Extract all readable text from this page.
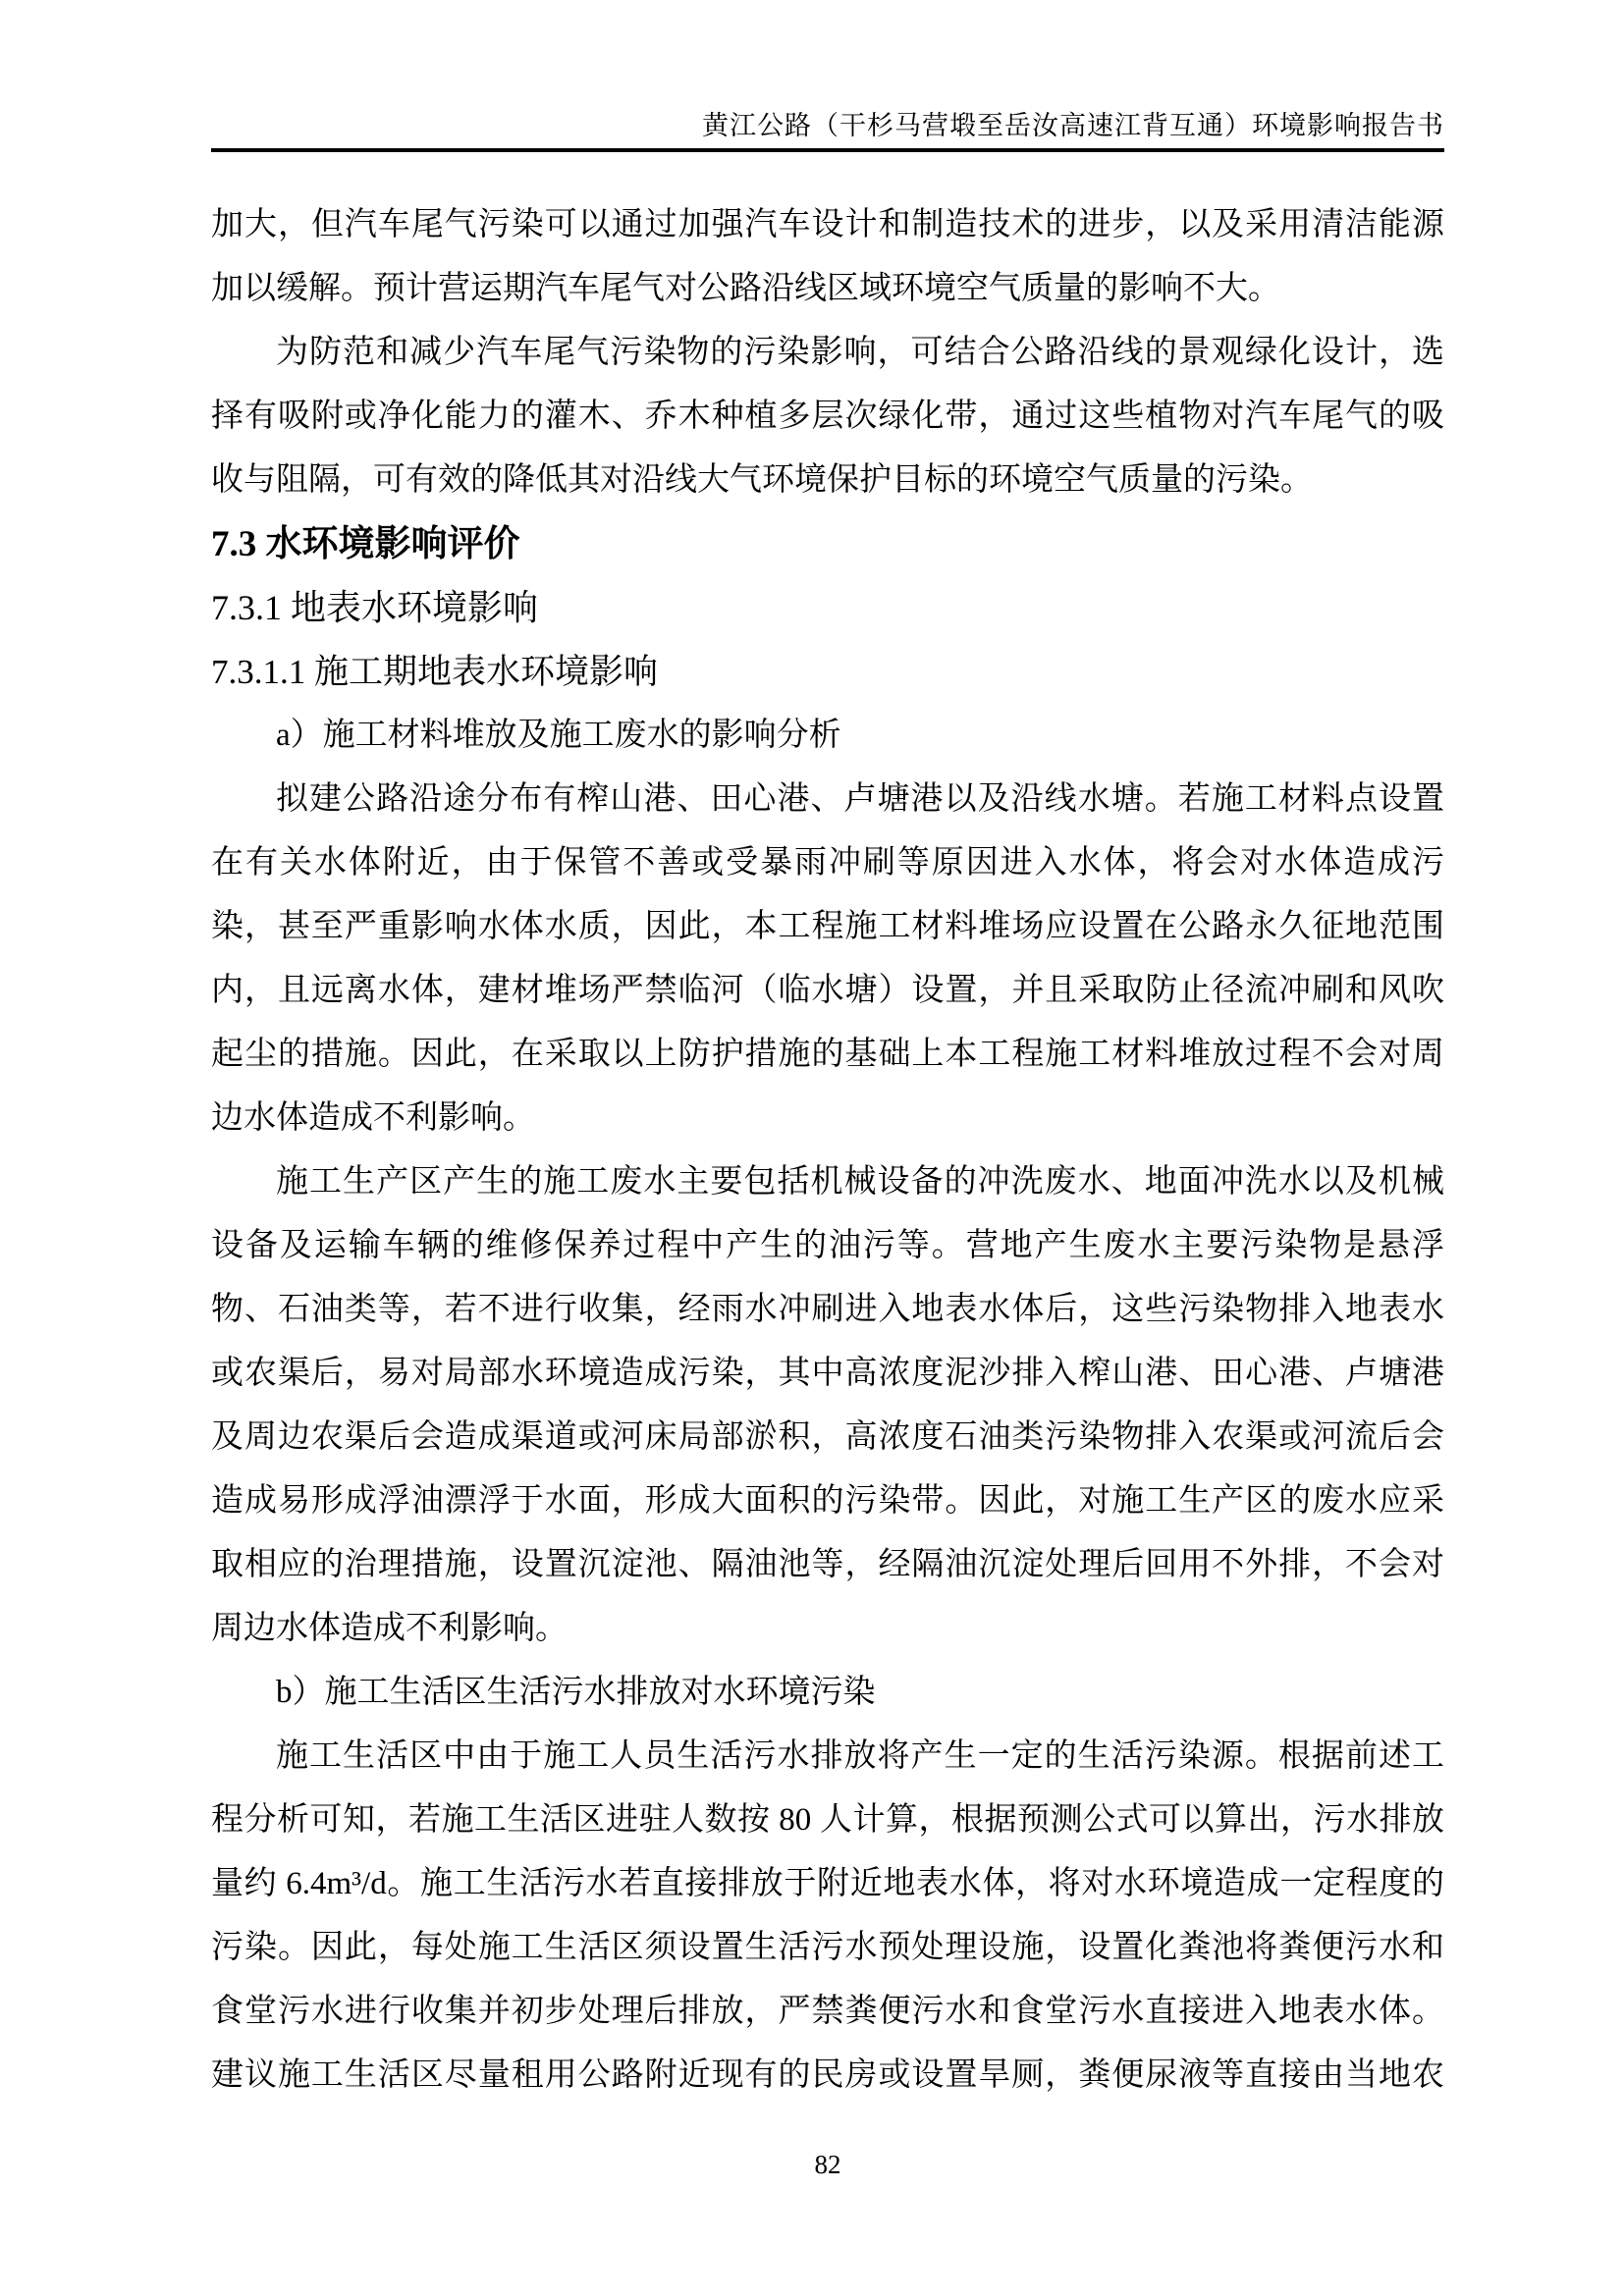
黄江公路（干杉马营塅至岳汝高速江背互通）环境影响报告书
加大，但汽车尾气污染可以通过加强汽车设计和制造技术的进步，以及采用清洁能源
加以缓解。预计营运期汽车尾气对公路沿线区域环境空气质量的影响不大。
为防范和减少汽车尾气污染物的污染影响，可结合公路沿线的景观绿化设计，选
择有吸附或净化能力的灌木、乔木种植多层次绿化带，通过这些植物对汽车尾气的吸
收与阻隔，可有效的降低其对沿线大气环境保护目标的环境空气质量的污染。
7.3 水环境影响评价
7.3.1 地表水环境影响
7.3.1.1 施工期地表水环境影响
a）施工材料堆放及施工废水的影响分析
拟建公路沿途分布有榨山港、田心港、卢塘港以及沿线水塘。若施工材料点设置
在有关水体附近，由于保管不善或受暴雨冲刷等原因进入水体，将会对水体造成污
染，甚至严重影响水体水质，因此，本工程施工材料堆场应设置在公路永久征地范围
内，且远离水体，建材堆场严禁临河（临水塘）设置，并且采取防止径流冲刷和风吹
起尘的措施。因此，在采取以上防护措施的基础上本工程施工材料堆放过程不会对周
边水体造成不利影响。
施工生产区产生的施工废水主要包括机械设备的冲洗废水、地面冲洗水以及机械
设备及运输车辆的维修保养过程中产生的油污等。营地产生废水主要污染物是悬浮
物、石油类等，若不进行收集，经雨水冲刷进入地表水体后，这些污染物排入地表水
或农渠后，易对局部水环境造成污染，其中高浓度泥沙排入榨山港、田心港、卢塘港
及周边农渠后会造成渠道或河床局部淤积，高浓度石油类污染物排入农渠或河流后会
造成易形成浮油漂浮于水面，形成大面积的污染带。因此，对施工生产区的废水应采
取相应的治理措施，设置沉淀池、隔油池等，经隔油沉淀处理后回用不外排，不会对
周边水体造成不利影响。
b）施工生活区生活污水排放对水环境污染
施工生活区中由于施工人员生活污水排放将产生一定的生活污染源。根据前述工
程分析可知，若施工生活区进驻人数按 80 人计算，根据预测公式可以算出，污水排放
量约 6.4m³/d。施工生活污水若直接排放于附近地表水体，将对水环境造成一定程度的
污染。因此，每处施工生活区须设置生活污水预处理设施，设置化粪池将粪便污水和
食堂污水进行收集并初步处理后排放，严禁粪便污水和食堂污水直接进入地表水体。
建议施工生活区尽量租用公路附近现有的民房或设置旱厕，粪便尿液等直接由当地农
82
